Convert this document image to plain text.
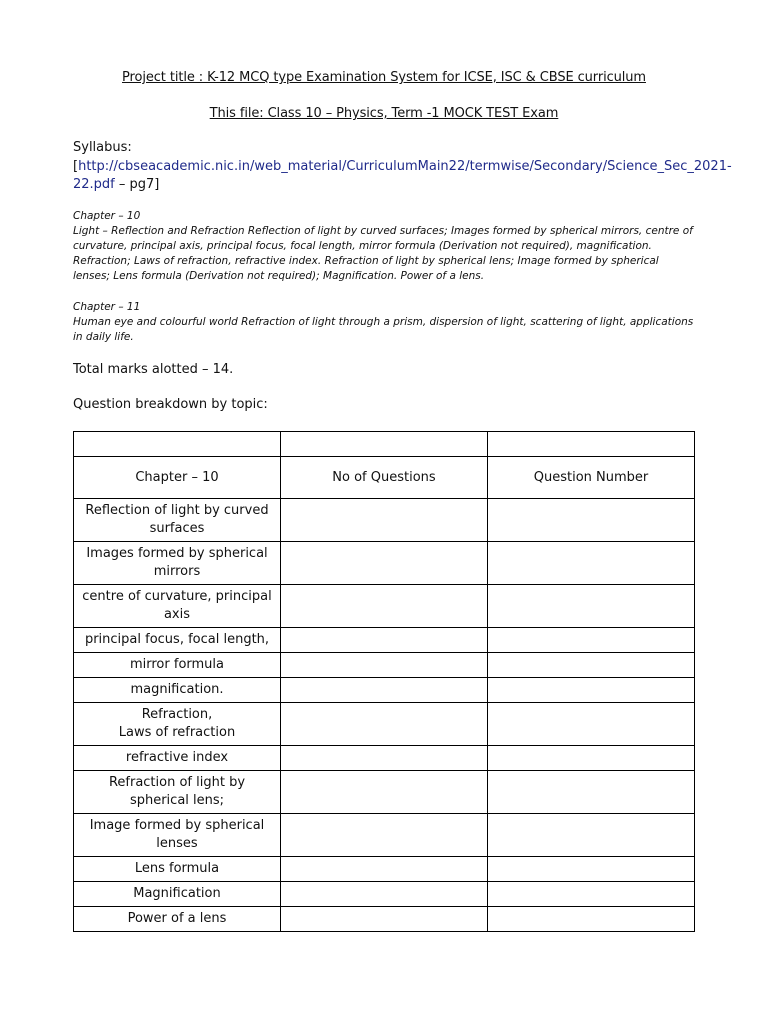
Project title : K-12 MCQ type Examination System for ICSE, ISC & CBSE curriculum
This file: Class 10 – Physics, Term -1 MOCK TEST Exam
Syllabus:
[http://cbseacademic.nic.in/web_material/CurriculumMain22/termwise/Secondary/Science_Sec_2021-22.pdf – pg7]
Chapter – 10
Light – Reflection and Refraction Reflection of light by curved surfaces; Images formed by spherical mirrors, centre of curvature, principal axis, principal focus, focal length, mirror formula (Derivation not required), magnification. Refraction; Laws of refraction, refractive index. Refraction of light by spherical lens; Image formed by spherical lenses; Lens formula (Derivation not required); Magnification. Power of a lens.
Chapter – 11
Human eye and colourful world Refraction of light through a prism, dispersion of light, scattering of light, applications in daily life.
Total marks alotted – 14.
Question breakdown by topic:

Chapter – 10	No of Questions	Question Number
Reflection of light by curved surfaces		
Images formed by spherical mirrors		
centre of curvature, principal axis		
principal focus, focal length,		
mirror formula		
magnification.		
Refraction,
Laws of refraction		
refractive index		
Refraction of light by spherical lens;		
Image formed by spherical lenses		
Lens formula		
Magnification		
Power of a lens		
